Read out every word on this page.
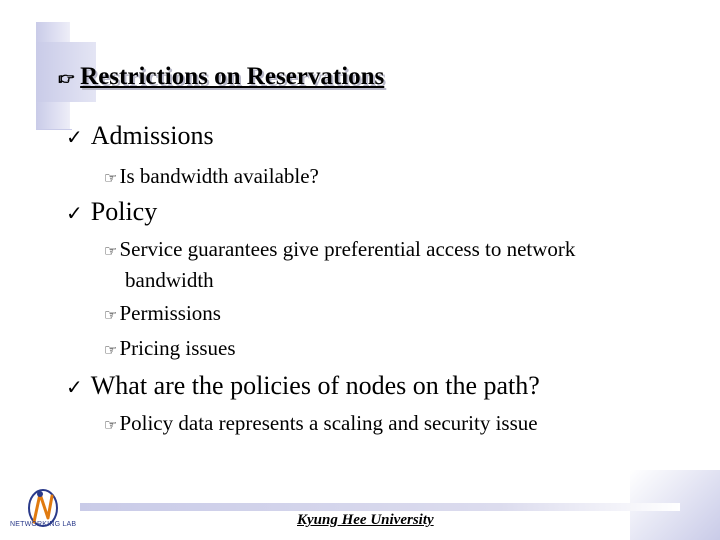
👉︎ Restrictions on Reservations
✓ Admissions
☞Is bandwidth available?
✓ Policy
☞Service guarantees give preferential access to network
bandwidth
☞Permissions
☞Pricing issues
✓ What are the policies of nodes on the path?
☞Policy data represents a scaling and security issue
NETWORKING LAB	Kyung Hee University
